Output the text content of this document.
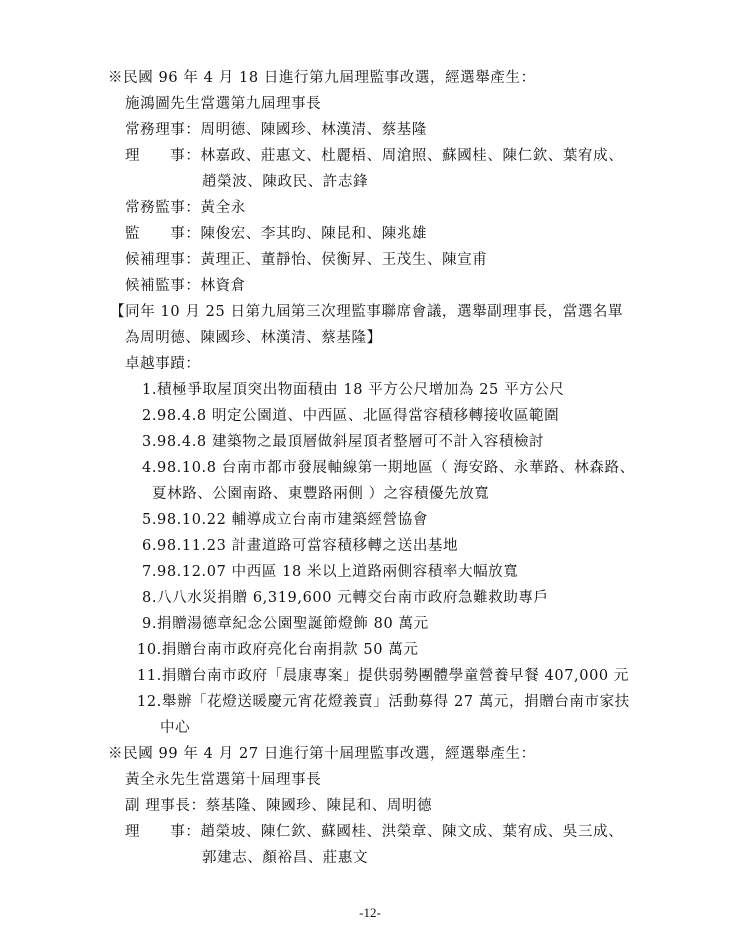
※民國 96 年 4 月 18 日進行第九屆理監事改選，經選舉產生：
施鴻圖先生當選第九屆理事長
常務理事：周明德、陳國珍、林漢清、蔡基隆
理　　事：林嘉政、莊惠文、杜麗梧、周滄照、蘇國桂、陳仁欽、葉宥成、
趙榮波、陳政民、許志鋒
常務監事：黃全永
監　　事：陳俊宏、李其昀、陳昆和、陳兆雄
候補理事：黃理正、董靜怡、侯衡昇、王茂生、陳宣甫
候補監事：林資倉
【同年 10 月 25 日第九屆第三次理監事聯席會議，選舉副理事長，當選名單
為周明德、陳國珍、林漢清、蔡基隆】
卓越事蹟：
1.積極爭取屋頂突出物面積由 18 平方公尺增加為 25 平方公尺
2.98.4.8 明定公園道、中西區、北區得當容積移轉接收區範圍
3.98.4.8 建築物之最頂層做斜屋頂者整層可不計入容積檢討
4.98.10.8 台南市都市發展軸線第一期地區（ 海安路、永華路、林森路、
夏林路、公園南路、東豐路兩側 ）之容積優先放寬
5.98.10.22 輔導成立台南市建築經營協會
6.98.11.23 計畫道路可當容積移轉之送出基地
7.98.12.07 中西區 18 米以上道路兩側容積率大幅放寬
8.八八水災捐贈 6,319,600 元轉交台南市政府急難救助專戶
9.捐贈湯德章紀念公園聖誕節燈飾 80 萬元
10.捐贈台南市政府亮化台南捐款 50 萬元
11.捐贈台南市政府「晨康專案」提供弱勢團體學童營養早餐 407,000 元
12.舉辦「花燈送暖慶元宵花燈義賣」活動募得 27 萬元，捐贈台南市家扶
中心
※民國 99 年 4 月 27 日進行第十屆理監事改選，經選舉產生：
黃全永先生當選第十屆理事長
副 理事長：蔡基隆、陳國珍、陳昆和、周明德
理　　事：趙榮坡、陳仁欽、蘇國桂、洪榮章、陳文成、葉宥成、吳三成、
郭建志、顏裕昌、莊惠文
-12-
